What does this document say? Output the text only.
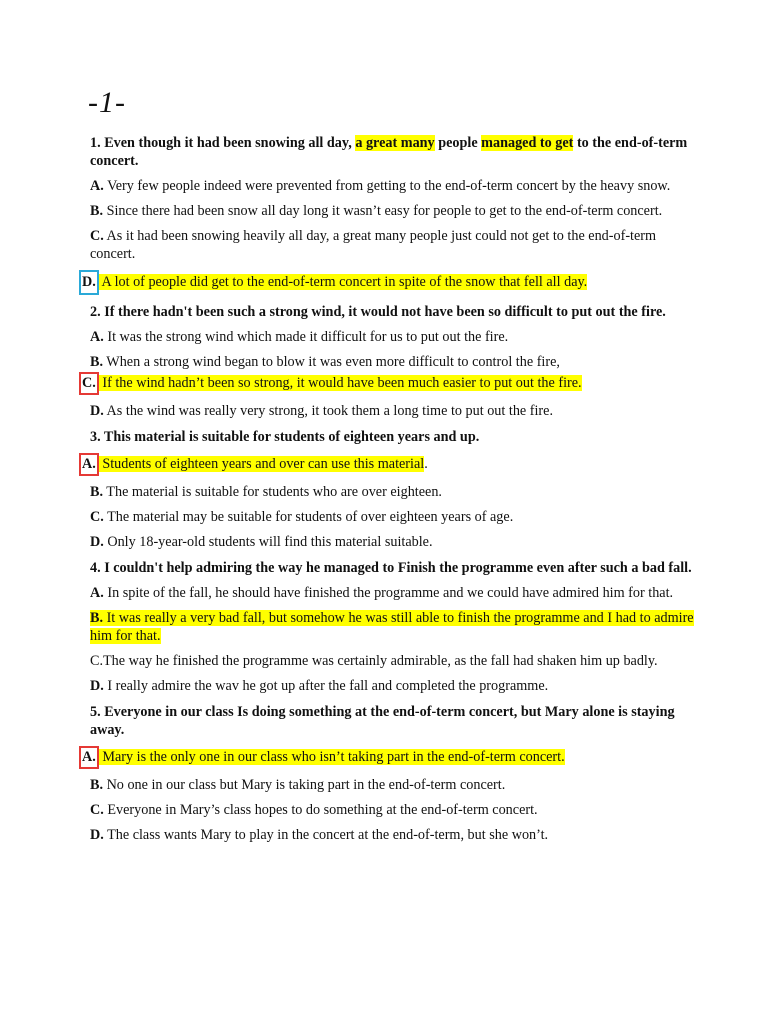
-1-

1. Even though it had been snowing all day, a great many people managed to get to the end-of-term concert.

A. Very few people indeed were prevented from getting to the end-of-term concert by the heavy snow.

B. Since there had been snow all day long it wasn’t easy for people to get to the end-of-term concert.

C. As it had been snowing heavily all day, a great many people just could not get to the end-of-term concert.

D. A lot of people did get to the end-of-term concert in spite of the snow that fell all day.

2. If there hadn't been such a strong wind, it would not have been so difficult to put out the fire.

A. It was the strong wind which made it difficult for us to put out the fire.

B. When a strong wind began to blow it was even more difficult to control the fire,

C. If the wind hadn’t been so strong, it would have been much easier to put out the fire.

D. As the wind was really very strong, it took them a long time to put out the fire.

3. This material is suitable for students of eighteen years and up.

A. Students of eighteen years and over can use this material.

B. The material is suitable for students who are over eighteen.

C. The material may be suitable for students of over eighteen years of age.

D. Only 18-year-old students will find this material suitable.

4. I couldn't help admiring the way he managed to Finish the programme even after such a bad fall.

A. In spite of the fall, he should have finished the programme and we could have admired him for that.

B. It was really a very bad fall, but somehow he was still able to finish the programme and I had to admire him for that.

C.The way he finished the programme was certainly admirable, as the fall had shaken him up badly.

D. I really admire the wav he got up after the fall and completed the programme.

5. Everyone in our class Is doing something at the end-of-term concert, but Mary alone is staying away.

A. Mary is the only one in our class who isn’t taking part in the end-of-term concert.

B. No one in our class but Mary is taking part in the end-of-term concert.

C. Everyone in Mary’s class hopes to do something at the end-of-term concert.

D. The class wants Mary to play in the concert at the end-of-term, but she won’t.
